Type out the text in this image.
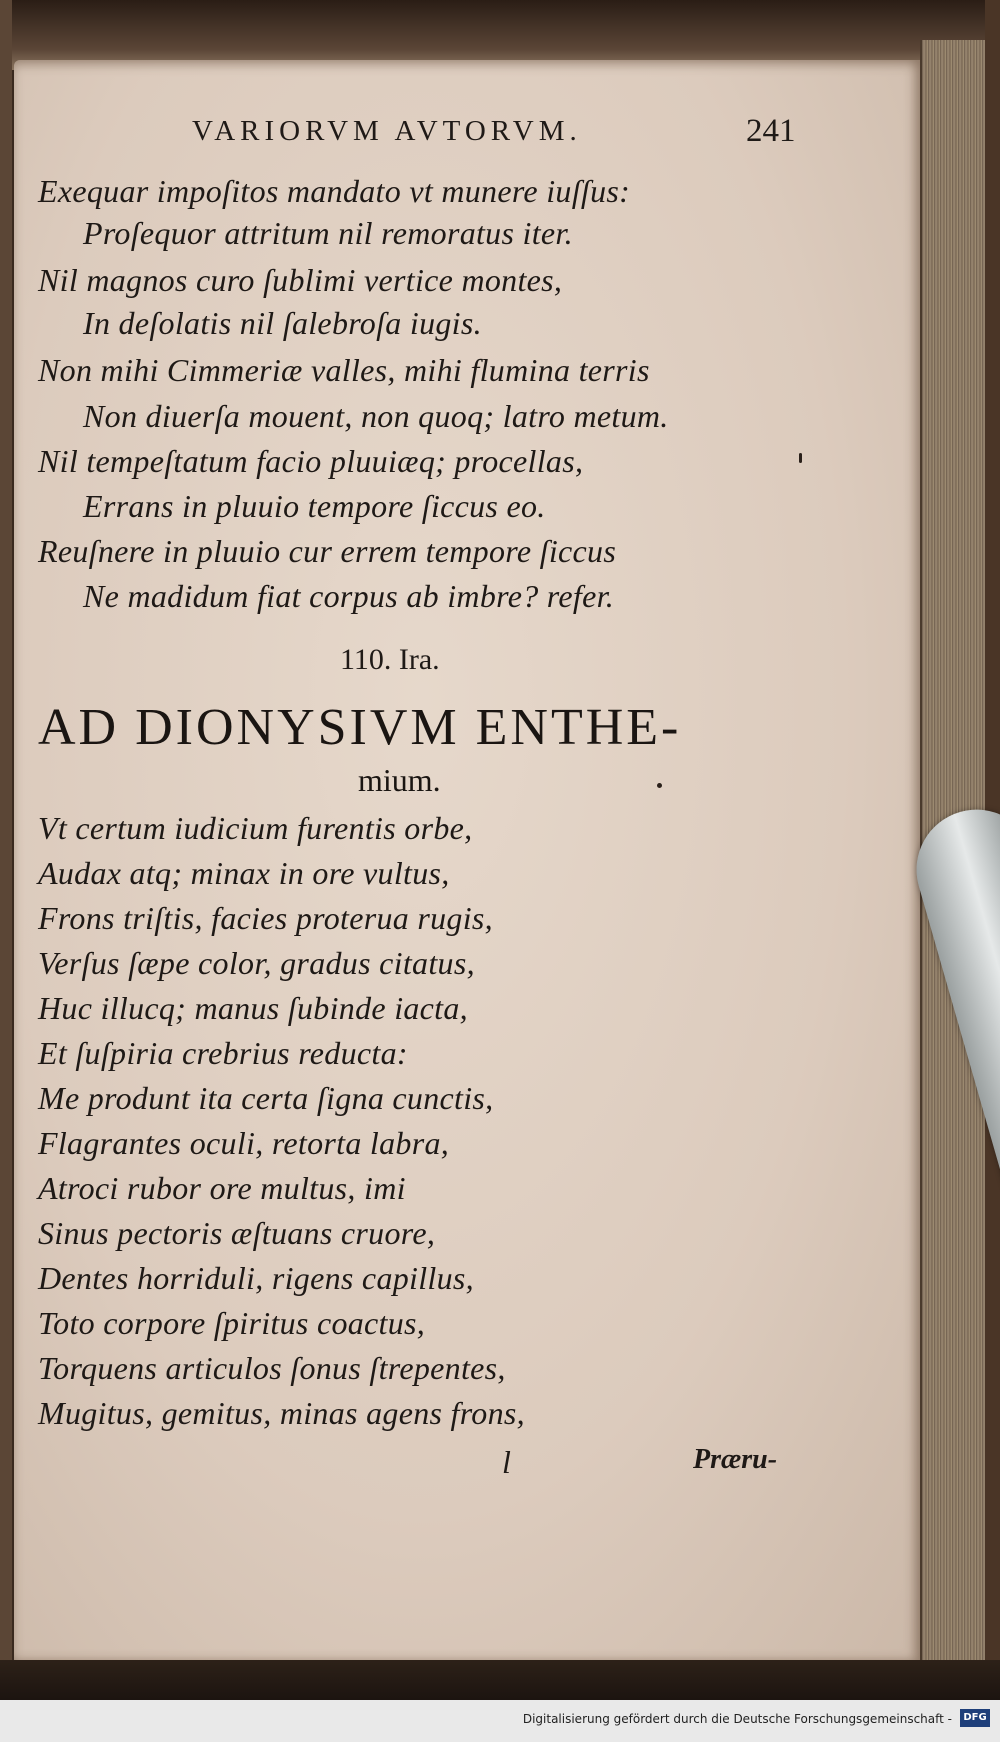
VARIORVM AVTORVM.	241
Exequar impoſitos mandato vt munere iuſſus:
Proſequor attritum nil remoratus iter.
Nil magnos curo ſublimi vertice montes,
In deſolatis nil ſalebroſa iugis.
Non mihi Cimmeriæ valles, mihi flumina terris
Non diuerſa mouent, non quoq; latro metum.
Nil tempeſtatum facio pluuiæq; procellas,
Errans in pluuio tempore ſiccus eo.
Reuſnere in pluuio cur errem tempore ſiccus
Ne madidum fiat corpus ab imbre? refer.
110. Ira.
AD DIONYSIVM ENTHE-
mium.
Vt certum iudicium furentis orbe,
Audax atq; minax in ore vultus,
Frons triſtis, facies proterua rugis,
Verſus ſæpe color, gradus citatus,
Huc illucq; manus ſubinde iacta,
Et ſuſpiria crebrius reducta:
Me produnt ita certa ſigna cunctis,
Flagrantes oculi, retorta labra,
Atroci rubor ore multus, imi
Sinus pectoris æſtuans cruore,
Dentes horriduli, rigens capillus,
Toto corpore ſpiritus coactus,
Torquens articulos ſonus ſtrepentes,
Mugitus, gemitus, minas agens frons,
l	Præru-
Digitalisierung gefördert durch die Deutsche Forschungsgemeinschaft -	DFG
